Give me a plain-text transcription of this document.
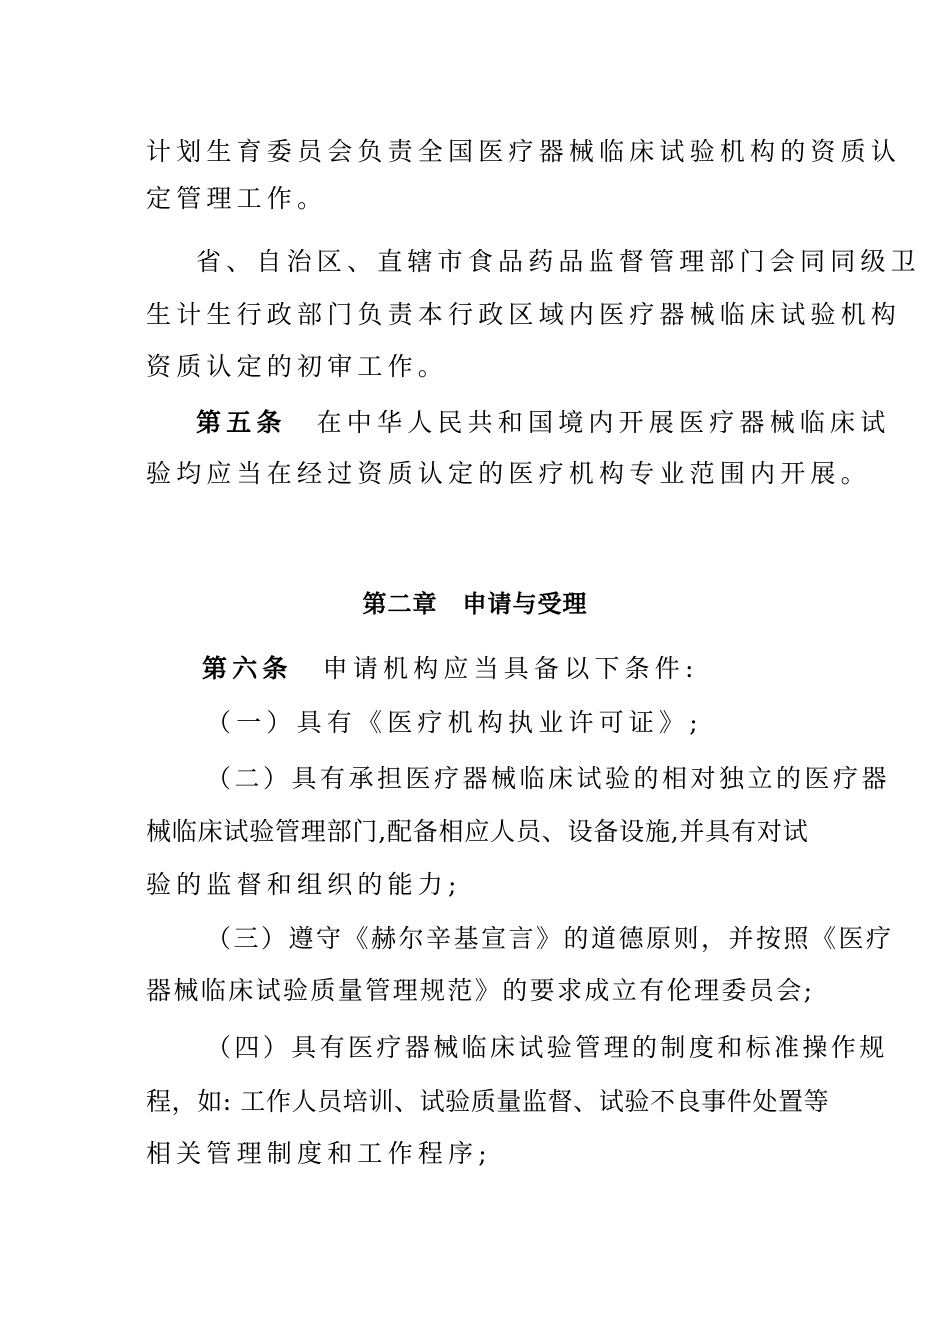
计划生育委员会负责全国医疗器械临床试验机构的资质认
定管理工作。
省、自治区、直辖市食品药品监督管理部门会同同级卫
生计生行政部门负责本行政区域内医疗器械临床试验机构
资质认定的初审工作。
第五条 在中华人民共和国境内开展医疗器械临床试
验均应当在经过资质认定的医疗机构专业范围内开展。
第二章　申请与受理
第六条 申请机构应当具备以下条件:
（一）具有《医疗机构执业许可证》;
（二）具有承担医疗器械临床试验的相对独立的医疗器
械临床试验管理部门,配备相应人员、设备设施,并具有对试
验的监督和组织的能力;
（三）遵守《赫尔辛基宣言》的道德原则，并按照《医疗
器械临床试验质量管理规范》的要求成立有伦理委员会;
（四）具有医疗器械临床试验管理的制度和标准操作规
程，如: 工作人员培训、试验质量监督、试验不良事件处置等
相关管理制度和工作程序;
